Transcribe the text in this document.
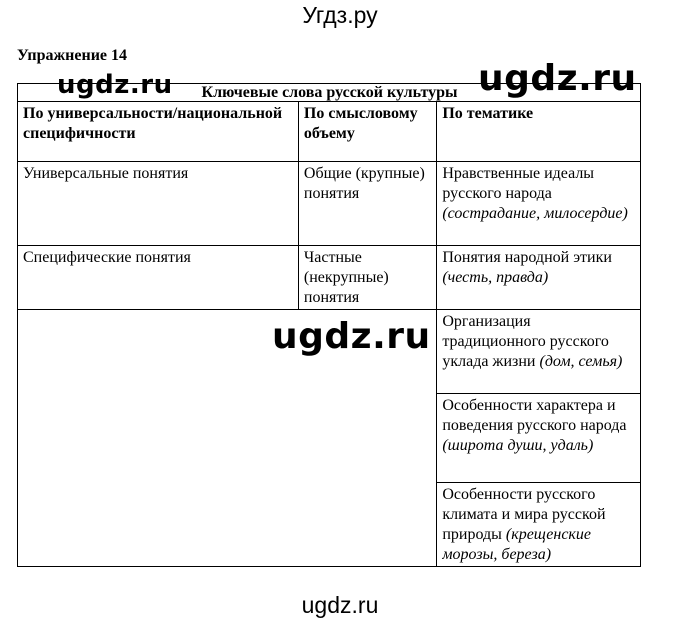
Угдз.ру
Упражнение 14
Ключевые слова русской культуры		
По универсальности/национальной специфичности	По смысловому объему	По тематике
Универсальные понятия	Общие (крупные) понятия	Нравственные идеалы русского народа (сострадание, милосердие)
Специфические понятия	Частные (некрупные) понятия	Понятия народной этики (честь, правда)
		Организация традиционного русского уклада жизни (дом, семья)
		Особенности характера и поведения русского народа (широта души, удаль)
		Особенности русского климата и мира русской природы (крещенские морозы, береза)
ugdz.ru	ugdz.ru
ugdz.ru
ugdz.ru
